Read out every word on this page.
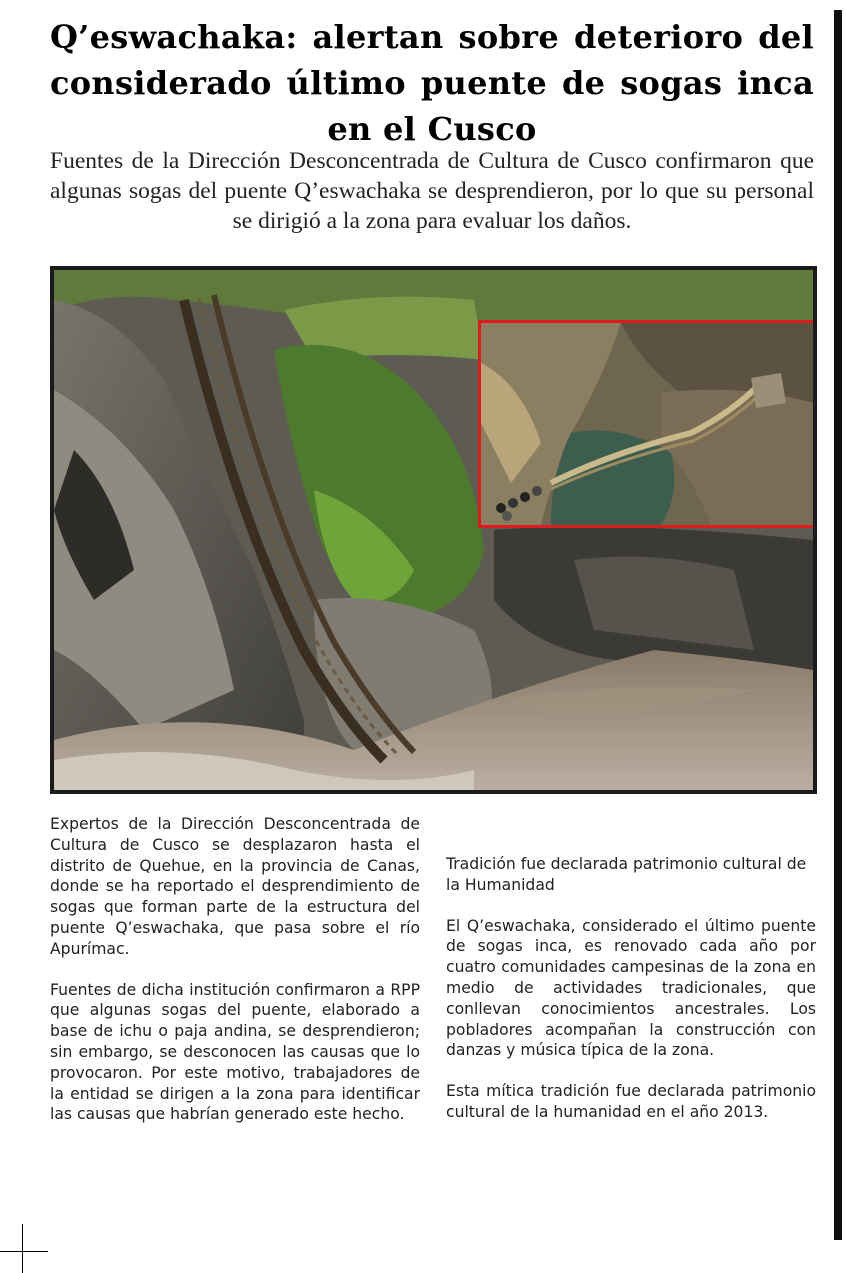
Q’eswachaka: alertan sobre deterioro del considerado último puente de sogas inca en el Cusco

Fuentes de la Dirección Desconcentrada de Cultura de Cusco confirmaron que algunas sogas del puente Q’eswachaka se desprendieron, por lo que su personal se dirigió a la zona para evaluar los daños.

Expertos de la Dirección Desconcentrada de Cultura de Cusco se desplazaron hasta el distrito de Quehue, en la provincia de Canas, donde se ha reportado el desprendimiento de sogas que forman parte de la estructura del puente Q’eswachaka, que pasa sobre el río Apurímac.

Fuentes de dicha institución confirmaron a RPP que algunas sogas del puente, elaborado a base de ichu o paja andina, se desprendieron; sin embargo, se desconocen las causas que lo provocaron. Por este motivo, trabajadores de la entidad se dirigen a la zona para identificar las causas que habrían generado este hecho.

Tradición fue declarada patrimonio cultural de la Humanidad

El Q’eswachaka, considerado el último puente de sogas inca, es renovado cada año por cuatro comunidades campesinas de la zona en medio de actividades tradicionales, que conllevan conocimientos ancestrales. Los pobladores acompañan la construcción con danzas y música típica de la zona.

Esta mítica tradición fue declarada patrimonio cultural de la humanidad en el año 2013.
